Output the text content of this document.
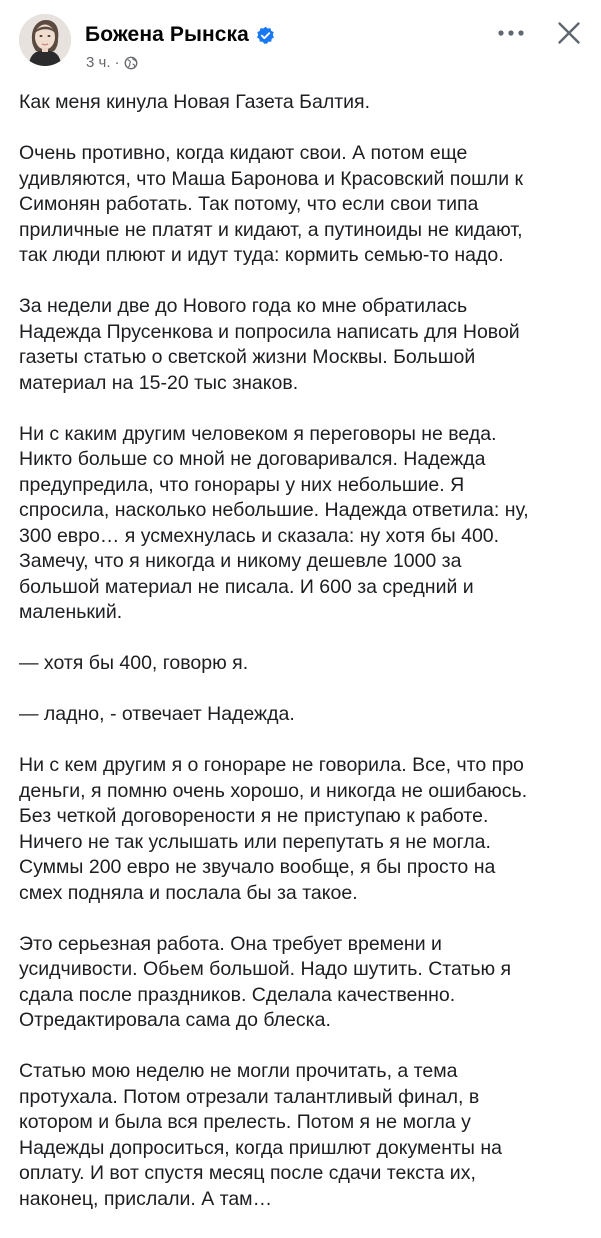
Божена Рынска
3 ч. ·

Как меня кинула Новая Газета Балтия.

Очень противно, когда кидают свои. А потом еще
удивляются, что Маша Баронова и Красовский пошли к
Симонян работать. Так потому, что если свои типа
приличные не платят и кидают, а путиноиды не кидают,
так люди плюют и идут туда: кормить семью-то надо.

За недели две до Нового года ко мне обратилась
Надежда Прусенкова и попросила написать для Новой
газеты статью о светской жизни Москвы. Большой
материал на 15-20 тыс знаков.

Ни с каким другим человеком я переговоры не веда.
Никто больше со мной не договаривался. Надежда
предупредила, что гонорары у них небольшие. Я
спросила, насколько небольшие. Надежда ответила: ну,
300 евро… я усмехнулась и сказала: ну хотя бы 400.
Замечу, что я никогда и никому дешевле 1000 за
большой материал не писала. И 600 за средний и
маленький.

— хотя бы 400, говорю я.

— ладно, - отвечает Надежда.

Ни с кем другим я о гонораре не говорила. Все, что про
деньги, я помню очень хорошо, и никогда не ошибаюсь.
Без четкой договорености я не приступаю к работе.
Ничего не так услышать или перепутать я не могла.
Суммы 200 евро не звучало вообще, я бы просто на
смех подняла и послала бы за такое.

Это серьезная работа. Она требует времени и
усидчивости. Обьем большой. Надо шутить. Статью я
сдала после праздников. Сделала качественно.
Отредактировала сама до блеска.

Статью мою неделю не могли прочитать, а тема
протухала. Потом отрезали талантливый финал, в
котором и была вся прелесть. Потом я не могла у
Надежды допроситься, когда пришлют документы на
оплату. И вот спустя месяц после сдачи текста их,
наконец, прислали. А там…
